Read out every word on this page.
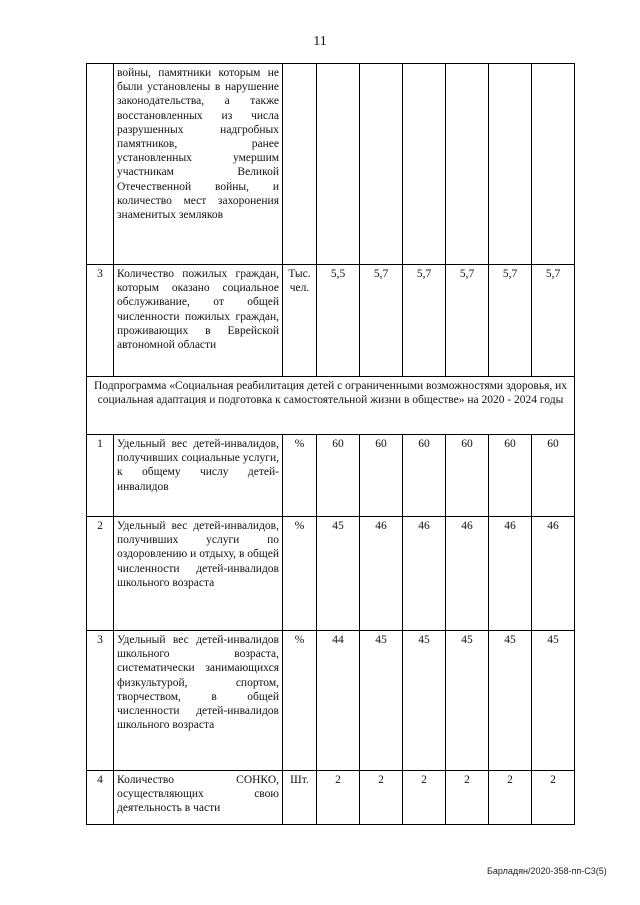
11
	войны, памятники которым не были установлены в нарушение законодательства, а также восстановленных из числа разрушенных надгробных памятников, ранее установленных умершим участникам Великой Отечественной войны, и количество мест захоронения знаменитых земляков							
3	Количество пожилых граждан, которым оказано социальное обслуживание, от общей численности пожилых граждан, проживающих в Еврейской автономной области	Тыс. чел.	5,5	5,7	5,7	5,7	5,7	5,7
Подпрограмма «Социальная реабилитация детей с ограниченными возможностями здоровья, их социальная адаптация и подготовка к самостоятельной жизни в обществе» на 2020 - 2024 годы								
1	Удельный вес детей-инвалидов, получивших социальные услуги, к общему числу детей-инвалидов	%	60	60	60	60	60	60
2	Удельный вес детей-инвалидов, получивших услуги по оздоровлению и отдыху, в общей численности детей-инвалидов школьного возраста	%	45	46	46	46	46	46
3	Удельный вес детей-инвалидов школьного возраста, систематически занимающихся физкультурой, спортом, творчеством, в общей численности детей-инвалидов школьного возраста	%	44	45	45	45	45	45
4	Количество СОНКО, осуществляющих свою деятельность в части	Шт.	2	2	2	2	2	2
Барладян/2020-358-пп-С3(5)
